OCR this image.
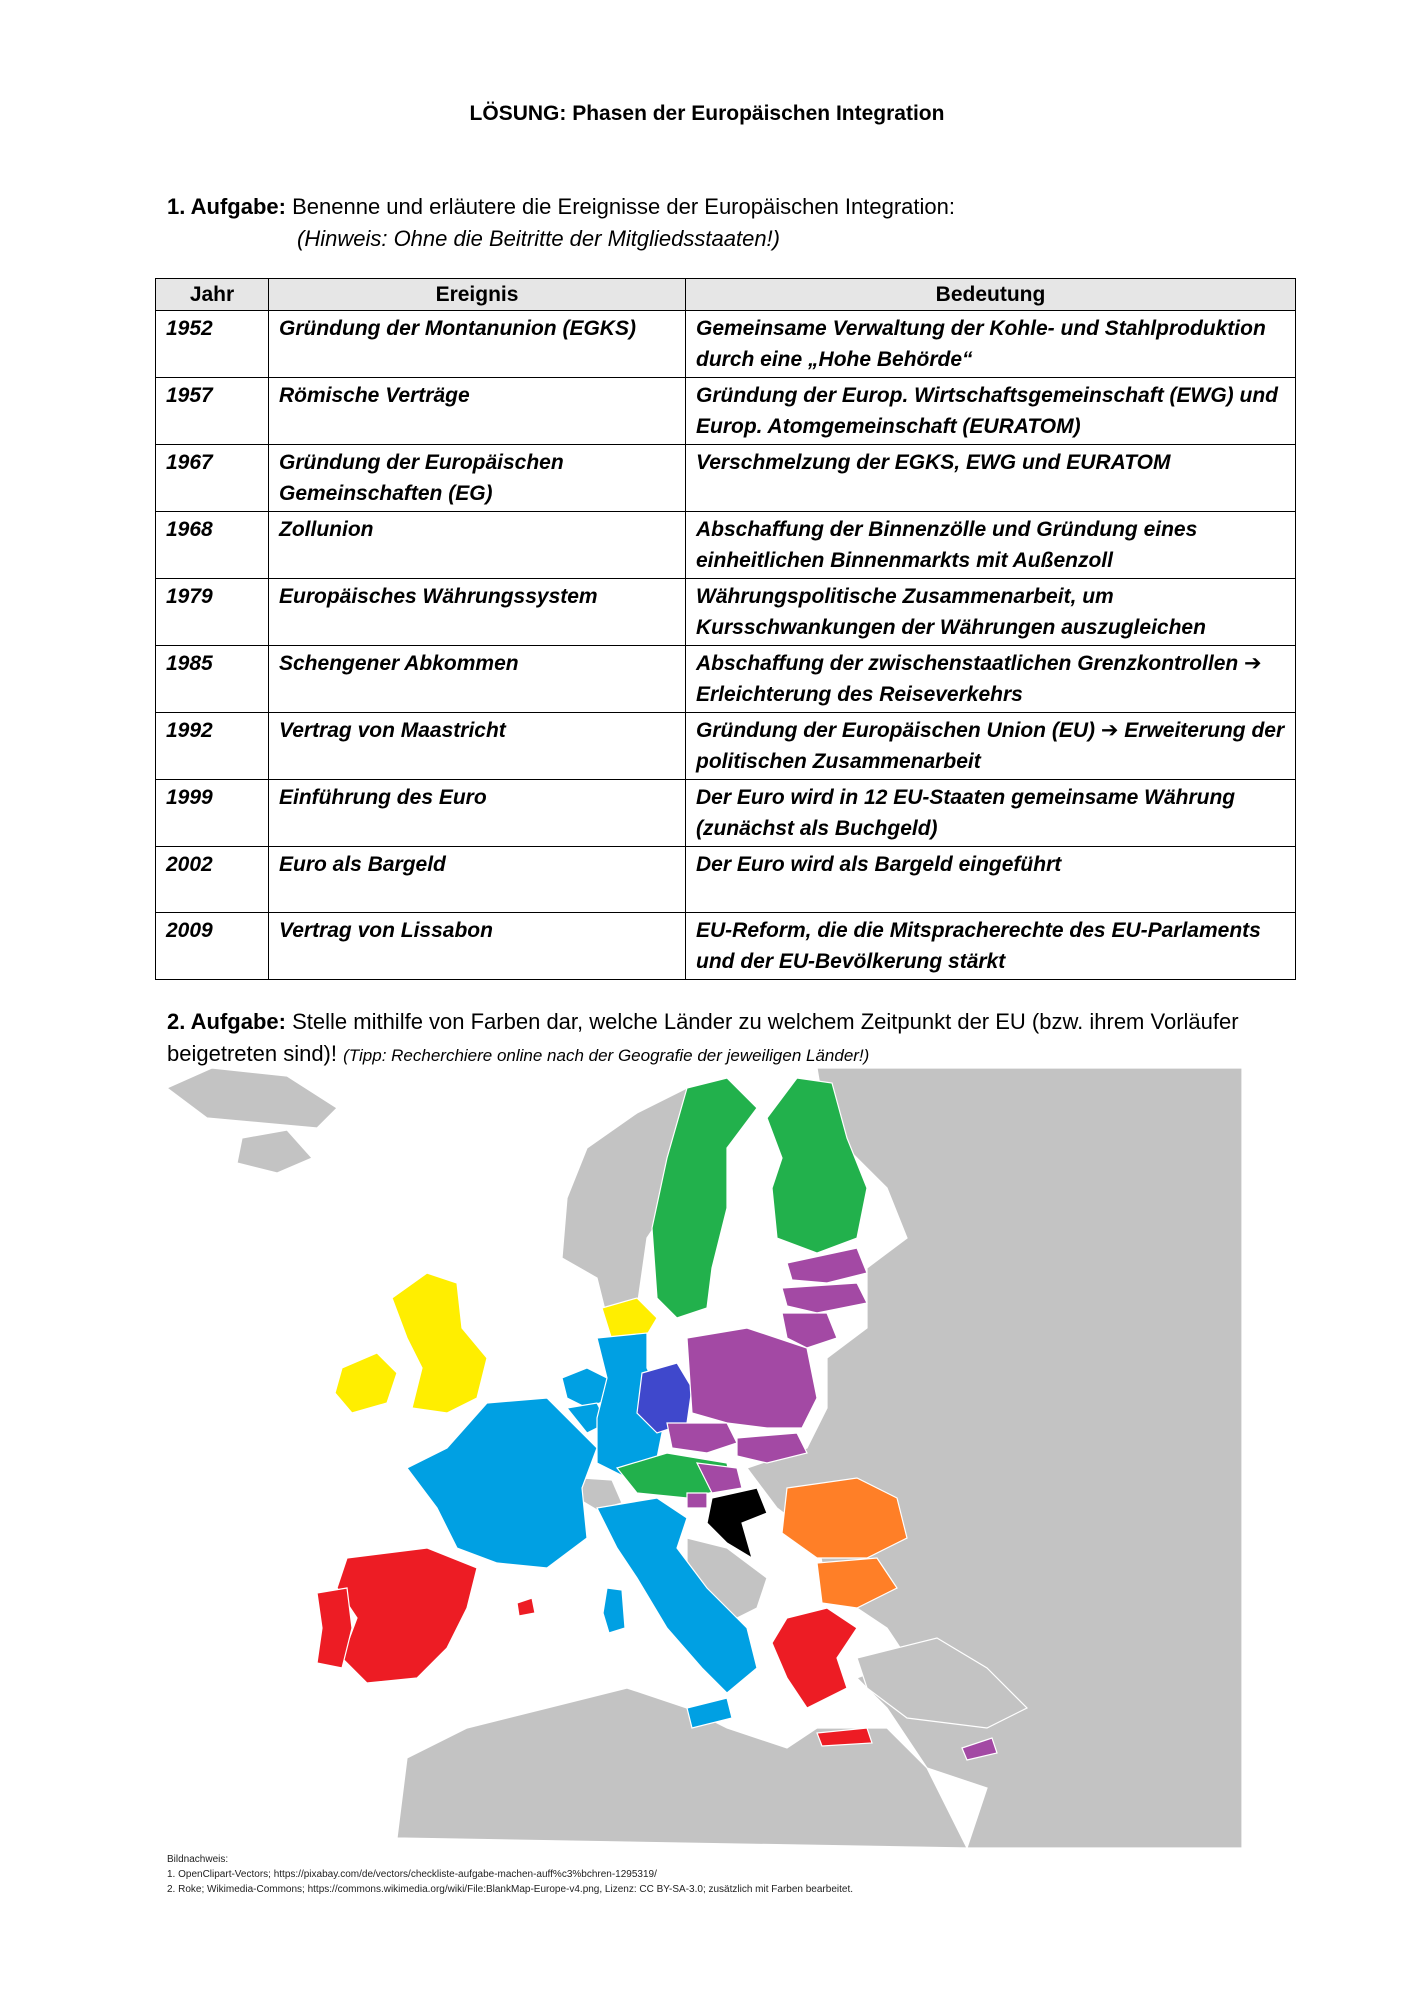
LÖSUNG: Phasen der Europäischen Integration
1. Aufgabe: Benenne und erläutere die Ereignisse der Europäischen Integration:
(Hinweis: Ohne die Beitritte der Mitgliedsstaaten!)
Jahr	Ereignis	Bedeutung
1952	Gründung der Montanunion (EGKS)	Gemeinsame Verwaltung der Kohle- und Stahlproduktion durch eine „Hohe Behörde“
1957	Römische Verträge	Gründung der Europ. Wirtschaftsgemeinschaft (EWG) und Europ. Atomgemeinschaft (EURATOM)
1967	Gründung der Europäischen Gemeinschaften (EG)	Verschmelzung der EGKS, EWG und EURATOM
1968	Zollunion	Abschaffung der Binnenzölle und Gründung eines einheitlichen Binnenmarkts mit Außenzoll
1979	Europäisches Währungssystem	Währungspolitische Zusammenarbeit, um Kursschwankungen der Währungen auszugleichen
1985	Schengener Abkommen	Abschaffung der zwischenstaatlichen Grenzkontrollen ➔ Erleichterung des Reiseverkehrs
1992	Vertrag von Maastricht	Gründung der Europäischen Union (EU) ➔ Erweiterung der politischen Zusammenarbeit
1999	Einführung des Euro	Der Euro wird in 12 EU-Staaten gemeinsame Währung (zunächst als Buchgeld)
2002	Euro als Bargeld	Der Euro wird als Bargeld eingeführt
2009	Vertrag von Lissabon	EU-Reform, die die Mitspracherechte des EU-Parlaments und der EU-Bevölkerung stärkt
2. Aufgabe: Stelle mithilfe von Farben dar, welche Länder zu welchem Zeitpunkt der EU (bzw. ihrem Vorläufer beigetreten sind)! (Tipp: Recherchiere online nach der Geografie der jeweiligen Länder!)
Bildnachweis:
1. OpenClipart-Vectors; https://pixabay.com/de/vectors/checkliste-aufgabe-machen-auff%c3%bchren-1295319/
2. Roke; Wikimedia-Commons; https://commons.wikimedia.org/wiki/File:BlankMap-Europe-v4.png, Lizenz: CC BY-SA-3.0; zusätzlich mit Farben bearbeitet.
